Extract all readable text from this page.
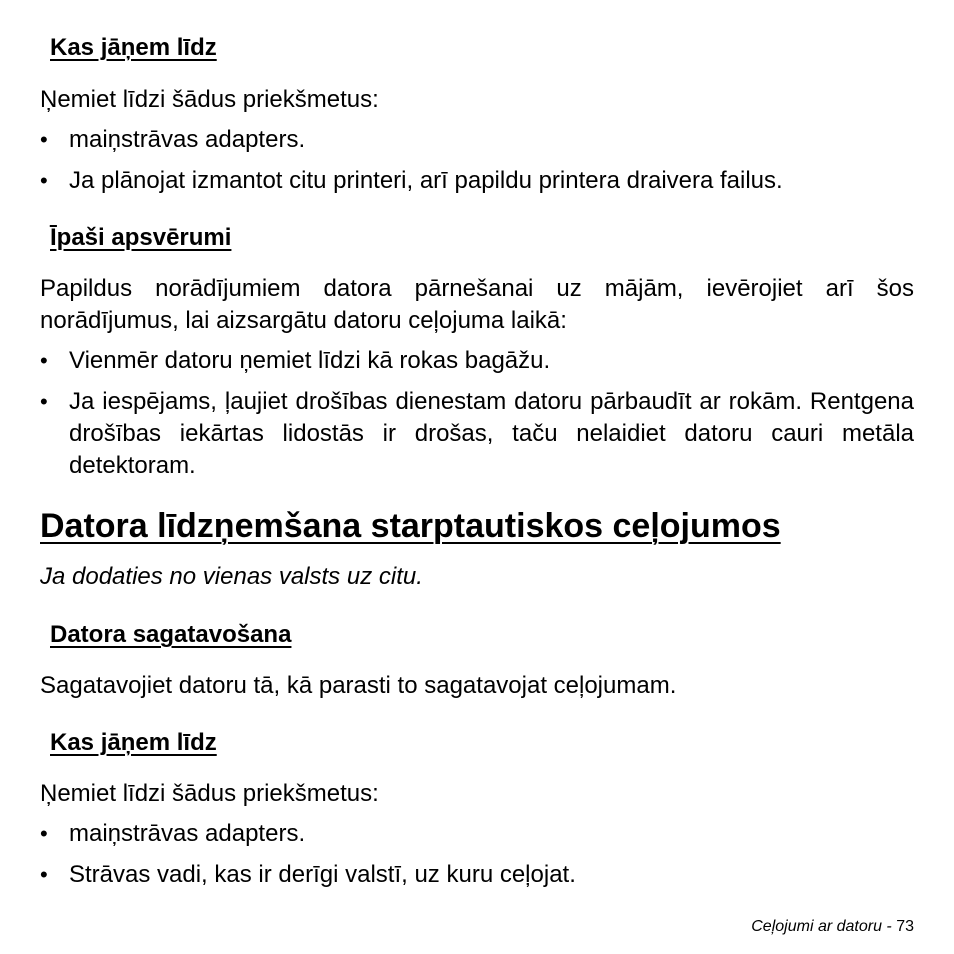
Kas jāņem līdz
Ņemiet līdzi šādus priekšmetus:
• maiņstrāvas adapters.
• Ja plānojat izmantot citu printeri, arī papildu printera draivera failus.
Īpaši apsvērumi
Papildus norādījumiem datora pārnešanai uz mājām, ievērojiet arī šos norādījumus, lai aizsargātu datoru ceļojuma laikā:
• Vienmēr datoru ņemiet līdzi kā rokas bagāžu.
• Ja iespējams, ļaujiet drošības dienestam datoru pārbaudīt ar rokām. Rentgena drošības iekārtas lidostās ir drošas, taču nelaidiet datoru cauri metāla detektoram.
Datora līdzņemšana starptautiskos ceļojumos
Ja dodaties no vienas valsts uz citu.
Datora sagatavošana
Sagatavojiet datoru tā, kā parasti to sagatavojat ceļojumam.
Kas jāņem līdz
Ņemiet līdzi šādus priekšmetus:
• maiņstrāvas adapters.
• Strāvas vadi, kas ir derīgi valstī, uz kuru ceļojat.
Ceļojumi ar datoru - 73
